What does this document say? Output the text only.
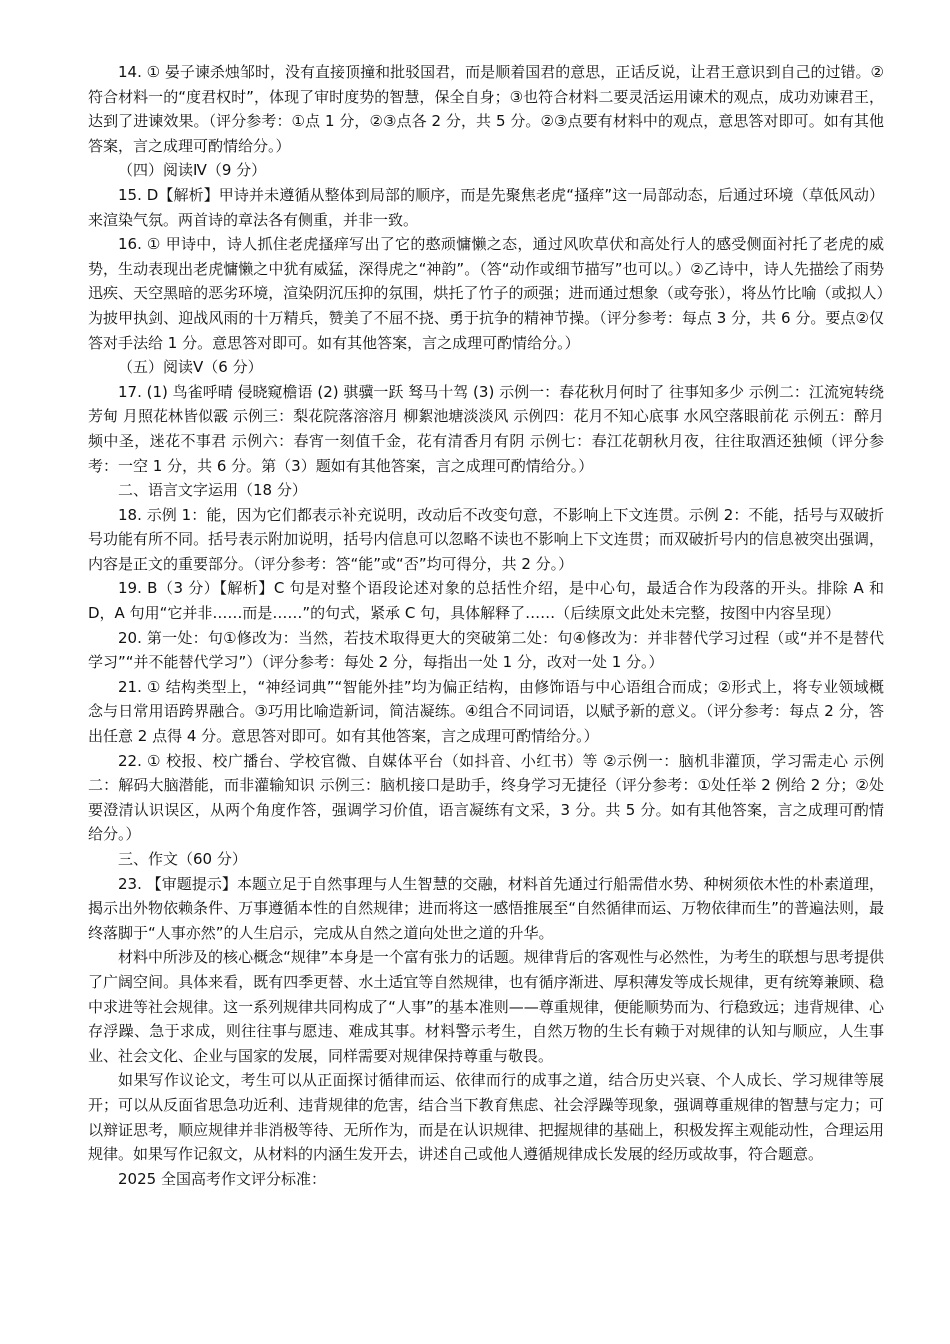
14. ① 晏子谏杀烛邹时，没有直接顶撞和批驳国君，而是顺着国君的意思，正话反说，让君王意识到自己的过错。②符合材料一的“度君权时”，体现了审时度势的智慧，保全自身；③也符合材料二要灵活运用谏术的观点，成功劝谏君王，达到了进谏效果。（评分参考：①点 1 分，②③点各 2 分，共 5 分。②③点要有材料中的观点，意思答对即可。如有其他答案，言之成理可酌情给分。）

（四）阅读Ⅳ（9 分）

15. D【解析】甲诗并未遵循从整体到局部的顺序，而是先聚焦老虎“搔痒”这一局部动态，后通过环境（草低风动）来渲染气氛。两首诗的章法各有侧重，并非一致。

16. ① 甲诗中，诗人抓住老虎搔痒写出了它的憨顽慵懒之态，通过风吹草伏和高处行人的感受侧面衬托了老虎的威势，生动表现出老虎慵懒之中犹有威猛，深得虎之“神韵”。（答“动作或细节描写”也可以。）②乙诗中，诗人先描绘了雨势迅疾、天空黑暗的恶劣环境，渲染阴沉压抑的氛围，烘托了竹子的顽强；进而通过想象（或夸张），将丛竹比喻（或拟人）为披甲执剑、迎战风雨的十万精兵，赞美了不屈不挠、勇于抗争的精神节操。（评分参考：每点 3 分，共 6 分。要点②仅答对手法给 1 分。意思答对即可。如有其他答案，言之成理可酌情给分。）

（五）阅读Ⅴ（6 分）

17. (1) 鸟雀呼晴 侵晓窥檐语 (2) 骐骥一跃 驽马十驾 (3) 示例一：春花秋月何时了 往事知多少 示例二：江流宛转绕芳甸 月照花林皆似霰 示例三：梨花院落溶溶月 柳絮池塘淡淡风 示例四：花月不知心底事 水风空落眼前花 示例五：醉月频中圣，迷花不事君 示例六：春宵一刻值千金，花有清香月有阴 示例七：春江花朝秋月夜，往往取酒还独倾（评分参考：一空 1 分，共 6 分。第（3）题如有其他答案，言之成理可酌情给分。）

二、语言文字运用（18 分）

18. 示例 1：能，因为它们都表示补充说明，改动后不改变句意，不影响上下文连贯。示例 2：不能，括号与双破折号功能有所不同。括号表示附加说明，括号内信息可以忽略不读也不影响上下文连贯；而双破折号内的信息被突出强调，内容是正文的重要部分。（评分参考：答“能”或“否”均可得分，共 2 分。）

19. B（3 分）【解析】C 句是对整个语段论述对象的总括性介绍，是中心句，最适合作为段落的开头。排除 A 和 D，A 句用“它并非……而是……”的句式，紧承 C 句，具体解释了……（后续原文此处未完整，按图中内容呈现）

20. 第一处：句①修改为：当然，若技术取得更大的突破第二处：句④修改为：并非替代学习过程（或“并不是替代学习”“并不能替代学习”）（评分参考：每处 2 分，每指出一处 1 分，改对一处 1 分。）

21. ① 结构类型上，“神经词典”“智能外挂”均为偏正结构，由修饰语与中心语组合而成；②形式上，将专业领域概念与日常用语跨界融合。③巧用比喻造新词，简洁凝练。④组合不同词语，以赋予新的意义。（评分参考：每点 2 分，答出任意 2 点得 4 分。意思答对即可。如有其他答案，言之成理可酌情给分。）

22. ① 校报、校广播台、学校官微、自媒体平台（如抖音、小红书）等 ②示例一：脑机非灌顶，学习需走心 示例二：解码大脑潜能，而非灌输知识 示例三：脑机接口是助手，终身学习无捷径（评分参考：①处任举 2 例给 2 分；②处要澄清认识误区，从两个角度作答，强调学习价值，语言凝练有文采，3 分。共 5 分。如有其他答案，言之成理可酌情给分。）

三、作文（60 分）

23. 【审题提示】本题立足于自然事理与人生智慧的交融，材料首先通过行船需借水势、种树须依木性的朴素道理，揭示出外物依赖条件、万事遵循本性的自然规律；进而将这一感悟推展至“自然循律而运、万物依律而生”的普遍法则，最终落脚于“人事亦然”的人生启示，完成从自然之道向处世之道的升华。

材料中所涉及的核心概念“规律”本身是一个富有张力的话题。规律背后的客观性与必然性，为考生的联想与思考提供了广阔空间。具体来看，既有四季更替、水土适宜等自然规律，也有循序渐进、厚积薄发等成长规律，更有统筹兼顾、稳中求进等社会规律。这一系列规律共同构成了“人事”的基本准则——尊重规律，便能顺势而为、行稳致远；违背规律、心存浮躁、急于求成，则往往事与愿违、难成其事。材料警示考生，自然万物的生长有赖于对规律的认知与顺应，人生事业、社会文化、企业与国家的发展，同样需要对规律保持尊重与敬畏。

如果写作议论文，考生可以从正面探讨循律而运、依律而行的成事之道，结合历史兴衰、个人成长、学习规律等展开；可以从反面省思急功近利、违背规律的危害，结合当下教育焦虑、社会浮躁等现象，强调尊重规律的智慧与定力；可以辩证思考，顺应规律并非消极等待、无所作为，而是在认识规律、把握规律的基础上，积极发挥主观能动性，合理运用规律。如果写作记叙文，从材料的内涵生发开去，讲述自己或他人遵循规律成长发展的经历或故事，符合题意。

2025 全国高考作文评分标准：
